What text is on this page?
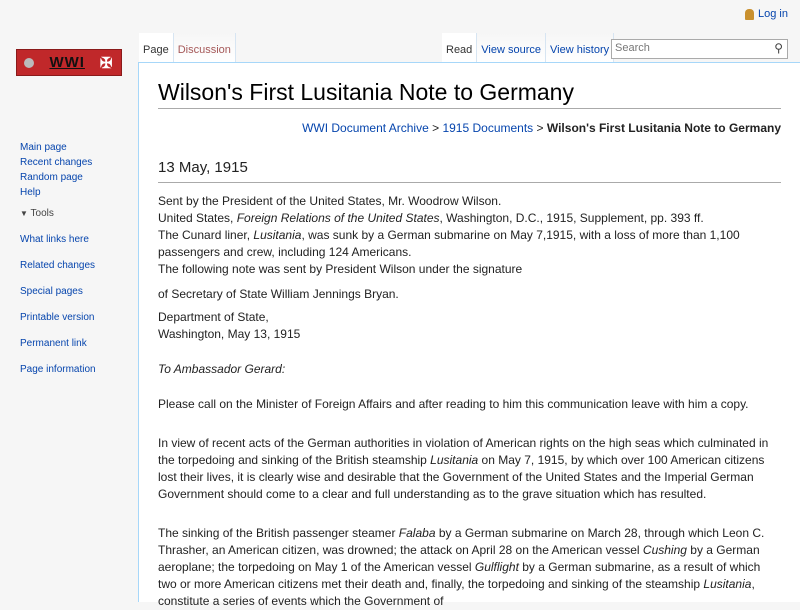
Log in
WWI ✠
Page Discussion	Read View source View history Search	⚲
Main page
Recent changes
Random page
Help
▼ Tools
What links here
Related changes
Special pages
Printable version
Permanent link
Page information
Wilson's First Lusitania Note to Germany
WWI Document Archive > 1915 Documents > Wilson's First Lusitania Note to Germany
13 May, 1915
Sent by the President of the United States, Mr. Woodrow Wilson.
United States, Foreign Relations of the United States, Washington, D.C., 1915, Supplement, pp. 393 ff.
The Cunard liner, Lusitania, was sunk by a German submarine on May 7,1915, with a loss of more than 1,100 passengers and crew, including 124 Americans.
The following note was sent by President Wilson under the signature
of Secretary of State William Jennings Bryan.
Department of State,
Washington, May 13, 1915
To Ambassador Gerard:
Please call on the Minister of Foreign Affairs and after reading to him this communication leave with him a copy.
In view of recent acts of the German authorities in violation of American rights on the high seas which culminated in the torpedoing and sinking of the British steamship Lusitania on May 7, 1915, by which over 100 American citizens lost their lives, it is clearly wise and desirable that the Government of the United States and the Imperial German Government should come to a clear and full understanding as to the grave situation which has resulted.
The sinking of the British passenger steamer Falaba by a German submarine on March 28, through which Leon C. Thrasher, an American citizen, was drowned; the attack on April 28 on the American vessel Cushing by a German aeroplane; the torpedoing on May 1 of the American vessel Gulflight by a German submarine, as a result of which two or more American citizens met their death and, finally, the torpedoing and sinking of the steamship Lusitania, constitute a series of events which the Government of
